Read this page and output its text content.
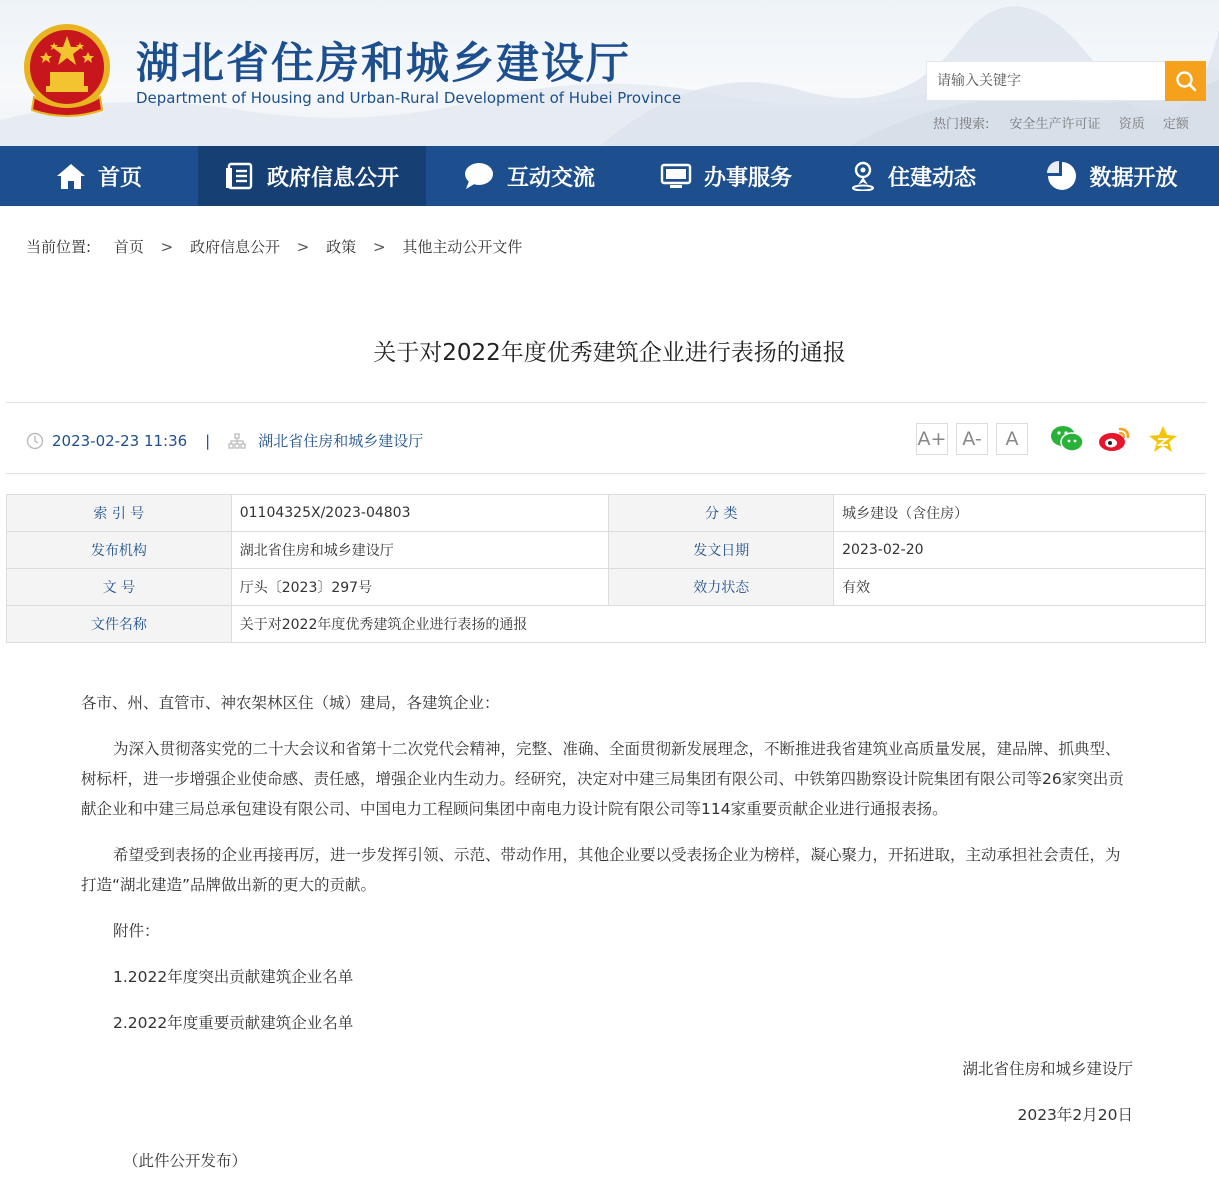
湖北省住房和城乡建设厅
Department of Housing and Urban-Rural Development of Hubei Province
请输入关键字
热门搜索: 安全生产许可证 资质 定额
首页	政府信息公开	互动交流	办事服务	住建动态	数据开放
当前位置: 首页 > 政府信息公开 > 政策 > 其他主动公开文件
关于对2022年度优秀建筑企业进行表扬的通报
2023-02-23 11:36 |	湖北省住房和城乡建设厅	A+ A-	A
索 引 号	01104325X/2023-04803	分 类	城乡建设（含住房）
发布机构	湖北省住房和城乡建设厅	发文日期	2023-02-20
文 号	厅头〔2023〕297号	效力状态	有效
文件名称	关于对2022年度优秀建筑企业进行表扬的通报		

各市、州、直管市、神农架林区住（城）建局，各建筑企业：

为深入贯彻落实党的二十大会议和省第十二次党代会精神，完整、准确、全面贯彻新发展理念，不断推进我省建筑业高质量发展，建品牌、抓典型、树标杆，进一步增强企业使命感、责任感，增强企业内生动力。经研究，决定对中建三局集团有限公司、中铁第四勘察设计院集团有限公司等26家突出贡献企业和中建三局总承包建设有限公司、中国电力工程顾问集团中南电力设计院有限公司等114家重要贡献企业进行通报表扬。

希望受到表扬的企业再接再厉，进一步发挥引领、示范、带动作用，其他企业要以受表扬企业为榜样，凝心聚力，开拓进取，主动承担社会责任，为打造“湖北建造”品牌做出新的更大的贡献。

附件：

1.2022年度突出贡献建筑企业名单

2.2022年度重要贡献建筑企业名单

湖北省住房和城乡建设厅

2023年2月20日

（此件公开发布）
